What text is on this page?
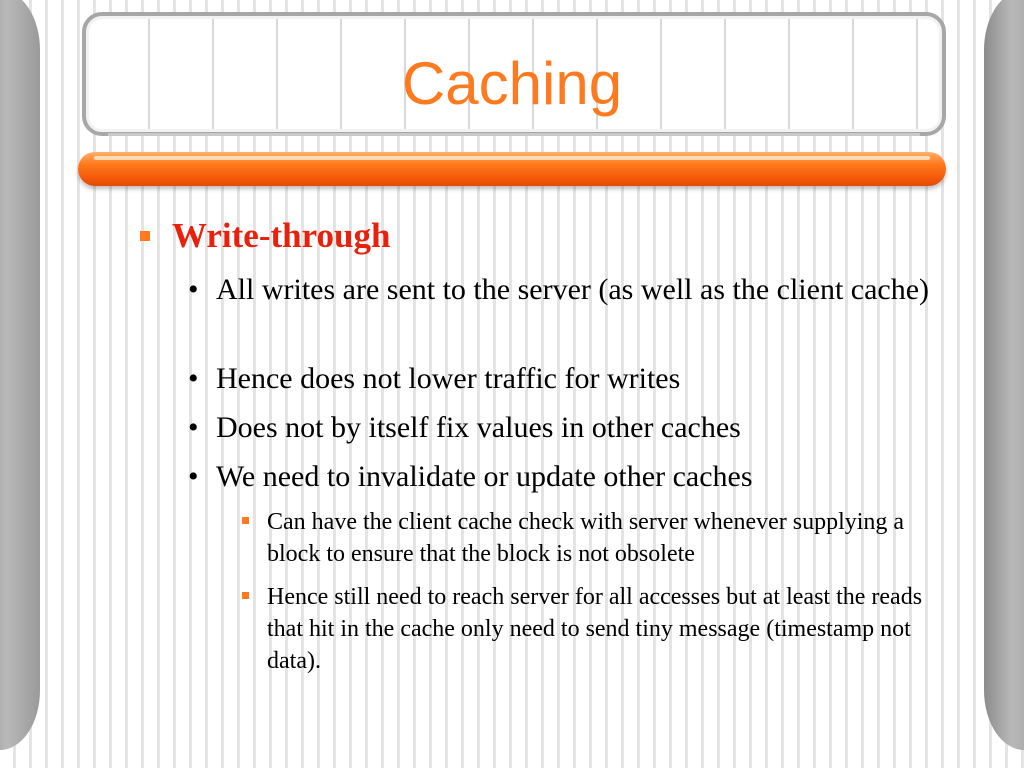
Caching
Write-through
• All writes are sent to the server (as well as the client cache)
• Hence does not lower traffic for writes
• Does not by itself fix values in other caches
• We need to invalidate or update other caches
Can have the client cache check with server whenever supplying a block to ensure that the block is not obsolete
Hence still need to reach server for all accesses but at least the reads that hit in the cache only need to send tiny message (timestamp not data).
